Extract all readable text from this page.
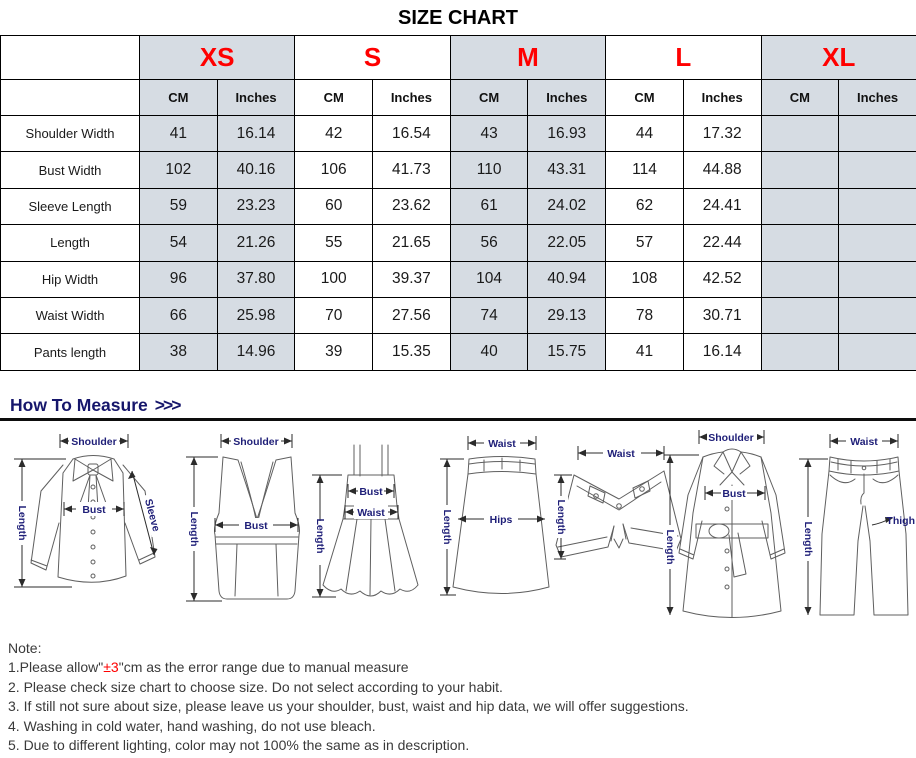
SIZE CHART
	XS		S		M		L		XL	
	CM	Inches	CM	Inches	CM	Inches	CM	Inches	CM	Inches
Shoulder Width	41	16.14	42	16.54	43	16.93	44	17.32		
Bust Width	102	40.16	106	41.73	110	43.31	114	44.88		
Sleeve Length	59	23.23	60	23.62	61	24.02	62	24.41		
Length	54	21.26	55	21.65	56	22.05	57	22.44		
Hip Width	96	37.80	100	39.37	104	40.94	108	42.52		
Waist Width	66	25.98	70	27.56	74	29.13	78	30.71		
Pants length	38	14.96	39	15.35	40	15.75	41	16.14		
How To Measure >>>
Shoulder
Length	Bust	Sleeve
Shoulder
Length	Bust	Length
Bust
Waist
Waist
Length	Hips
Waist
Length
Shoulder
Length
Bust
Waist
Length
Thigh
Note:
1.Please allow"±3"cm as the error range due to manual measure
2. Please check size chart to choose size. Do not select according to your habit.
3. If still not sure about size, please leave us your shoulder, bust, waist and hip data, we will offer suggestions.
4. Washing in cold water, hand washing, do not use bleach.
5. Due to different lighting, color may not 100% the same as in description.
